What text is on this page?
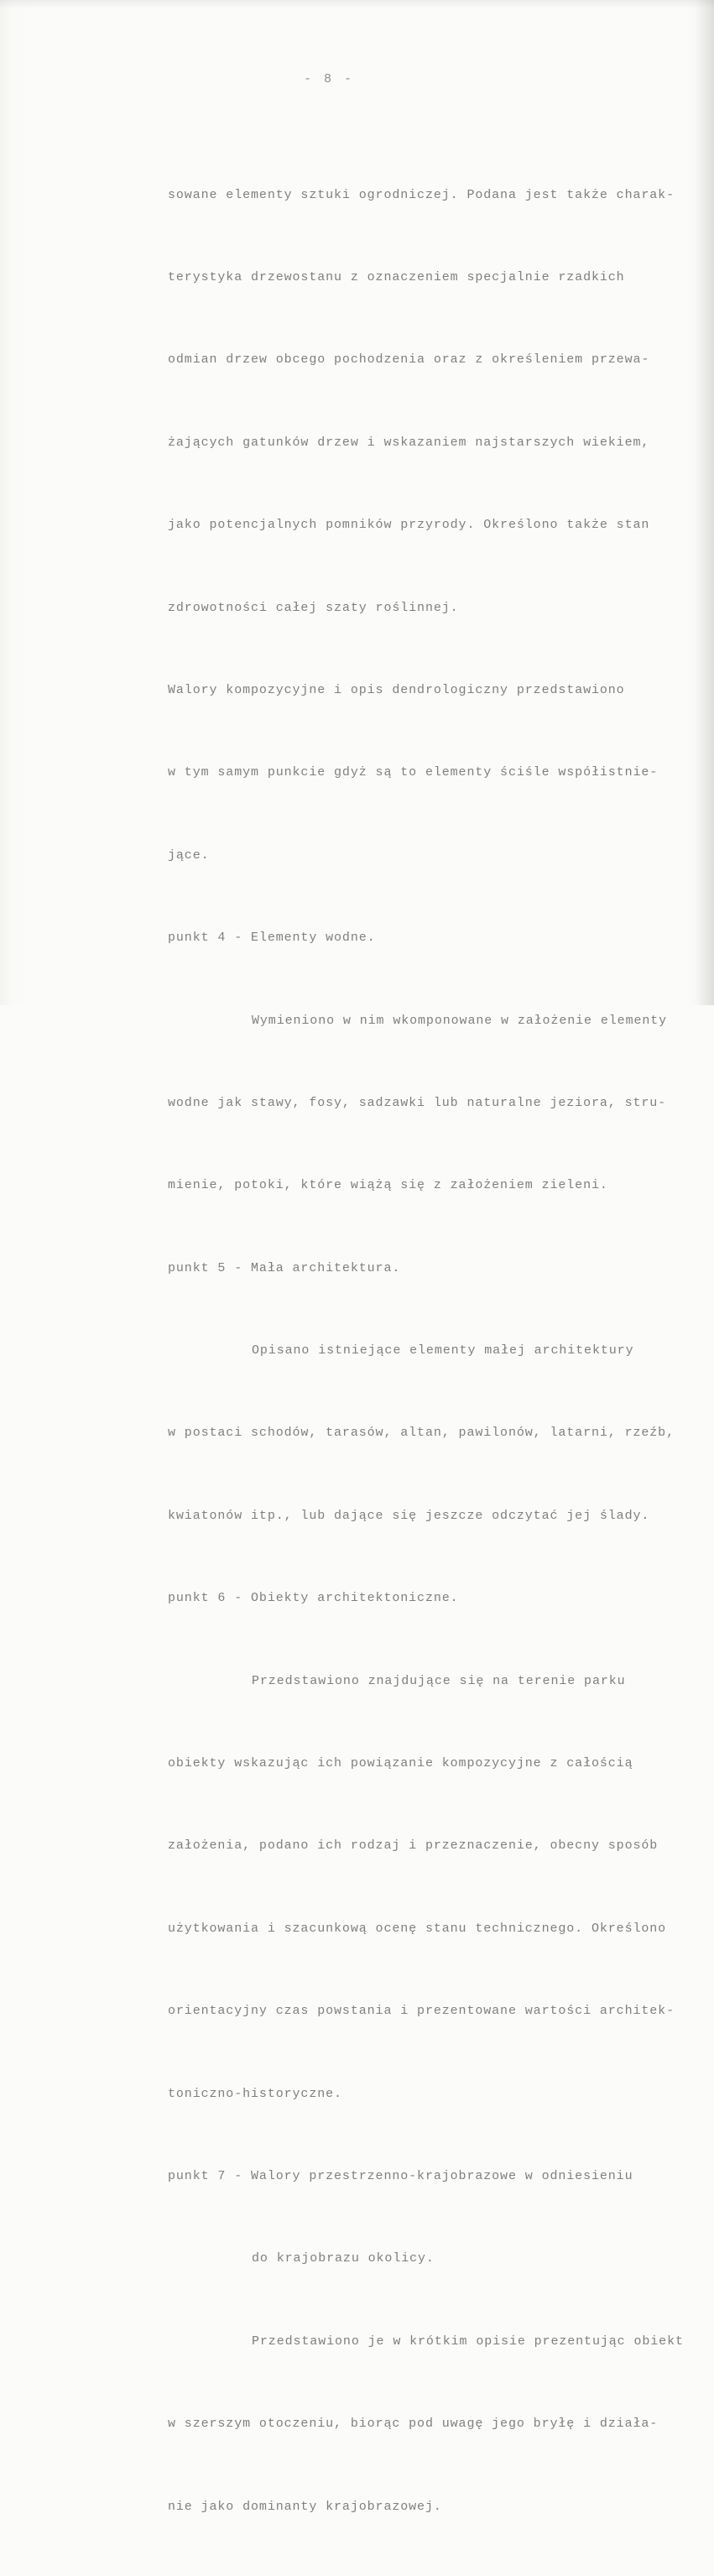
- 8 -

sowane elementy sztuki ogrodniczej. Podana jest także charak-

terystyka drzewostanu z oznaczeniem specjalnie rzadkich

odmian drzew obcego pochodzenia oraz z określeniem przewa-

żających gatunków drzew i wskazaniem najstarszych wiekiem,

jako potencjalnych pomników przyrody. Określono także stan

zdrowotności całej szaty roślinnej.

Walory kompozycyjne i opis dendrologiczny przedstawiono

w tym samym punkcie gdyż są to elementy ściśle współistnie-

jące.

punkt 4 - Elementy wodne.

Wymieniono w nim wkomponowane w założenie elementy

wodne jak stawy, fosy, sadzawki lub naturalne jeziora, stru-

mienie, potoki, które wiążą się z założeniem zieleni.

punkt 5 - Mała architektura.

Opisano istniejące elementy małej architektury

w postaci schodów, tarasów, altan, pawilonów, latarni, rzeźb,

kwiatonów itp., lub dające się jeszcze odczytać jej ślady.

punkt 6 - Obiekty architektoniczne.

Przedstawiono znajdujące się na terenie parku

obiekty wskazując ich powiązanie kompozycyjne z całością

założenia, podano ich rodzaj i przeznaczenie, obecny sposób

użytkowania i szacunkową ocenę stanu technicznego. Określono

orientacyjny czas powstania i prezentowane wartości architek-

toniczno-historyczne.

punkt 7 - Walory przestrzenno-krajobrazowe w odniesieniu

do krajobrazu okolicy.

Przedstawiono je w krótkim opisie prezentując obiekt

w szerszym otoczeniu, biorąc pod uwagę jego bryłę i działa-

nie jako dominanty krajobrazowej.
